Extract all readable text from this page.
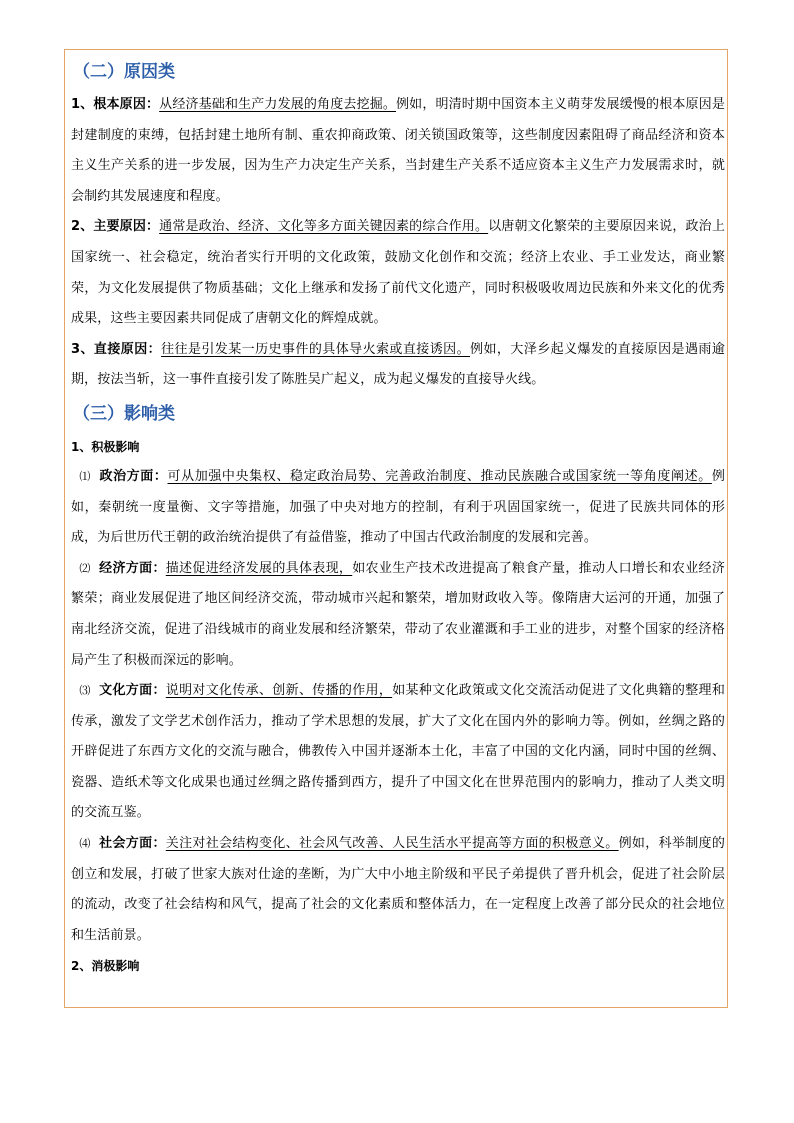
（二）原因类

1、根本原因：从经济基础和生产力发展的角度去挖掘。例如，明清时期中国资本主义萌芽发展缓慢的根本原因是封建制度的束缚，包括封建土地所有制、重农抑商政策、闭关锁国政策等，这些制度因素阻碍了商品经济和资本主义生产关系的进一步发展，因为生产力决定生产关系，当封建生产关系不适应资本主义生产力发展需求时，就会制约其发展速度和程度。

2、主要原因：通常是政治、经济、文化等多方面关键因素的综合作用。以唐朝文化繁荣的主要原因来说，政治上国家统一、社会稳定，统治者实行开明的文化政策，鼓励文化创作和交流；经济上农业、手工业发达，商业繁荣，为文化发展提供了物质基础；文化上继承和发扬了前代文化遗产，同时积极吸收周边民族和外来文化的优秀成果，这些主要因素共同促成了唐朝文化的辉煌成就。

3、直接原因：往往是引发某一历史事件的具体导火索或直接诱因。例如，大泽乡起义爆发的直接原因是遇雨逾期，按法当斩，这一事件直接引发了陈胜吴广起义，成为起义爆发的直接导火线。

（三）影响类

1、积极影响

⑴ 政治方面：可从加强中央集权、稳定政治局势、完善政治制度、推动民族融合或国家统一等角度阐述。例如，秦朝统一度量衡、文字等措施，加强了中央对地方的控制，有利于巩固国家统一，促进了民族共同体的形成，为后世历代王朝的政治统治提供了有益借鉴，推动了中国古代政治制度的发展和完善。

⑵ 经济方面：描述促进经济发展的具体表现，如农业生产技术改进提高了粮食产量，推动人口增长和农业经济繁荣；商业发展促进了地区间经济交流，带动城市兴起和繁荣，增加财政收入等。像隋唐大运河的开通，加强了南北经济交流，促进了沿线城市的商业发展和经济繁荣，带动了农业灌溉和手工业的进步，对整个国家的经济格局产生了积极而深远的影响。

⑶ 文化方面：说明对文化传承、创新、传播的作用，如某种文化政策或文化交流活动促进了文化典籍的整理和传承，激发了文学艺术创作活力，推动了学术思想的发展，扩大了文化在国内外的影响力等。例如，丝绸之路的开辟促进了东西方文化的交流与融合，佛教传入中国并逐渐本土化，丰富了中国的文化内涵，同时中国的丝绸、瓷器、造纸术等文化成果也通过丝绸之路传播到西方，提升了中国文化在世界范围内的影响力，推动了人类文明的交流互鉴。

⑷ 社会方面：关注对社会结构变化、社会风气改善、人民生活水平提高等方面的积极意义。例如，科举制度的创立和发展，打破了世家大族对仕途的垄断，为广大中小地主阶级和平民子弟提供了晋升机会，促进了社会阶层的流动，改变了社会结构和风气，提高了社会的文化素质和整体活力，在一定程度上改善了部分民众的社会地位和生活前景。

2、消极影响
